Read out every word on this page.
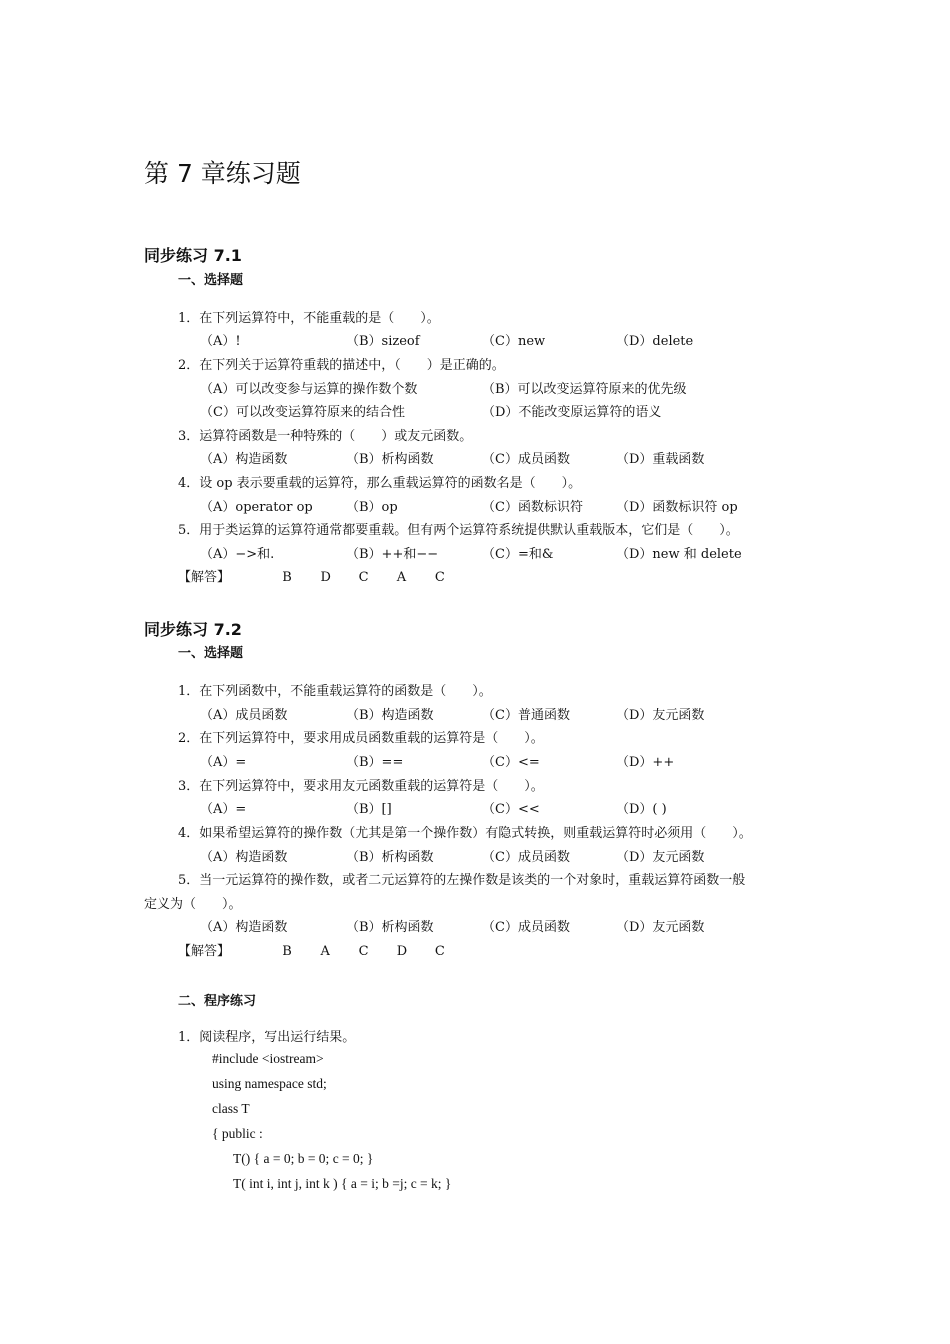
第 7 章练习题
同步练习 7.1
一、选择题
1．在下列运算符中，不能重载的是（　　）。
（A）!	（B）sizeof	（C）new	（D）delete
2．在下列关于运算符重载的描述中，（　　）是正确的。
（A）可以改变参与运算的操作数个数	（B）可以改变运算符原来的优先级
（C）可以改变运算符原来的结合性	（D）不能改变原运算符的语义
3．运算符函数是一种特殊的（　　）或友元函数。
（A）构造函数	（B）析构函数	（C）成员函数	（D）重载函数
4．设 op 表示要重载的运算符，那么重载运算符的函数名是（　　）。
（A）operator op	（B）op	（C）函数标识符	（D）函数标识符 op
5．用于类运算的运算符通常都要重载。但有两个运算符系统提供默认重载版本，它们是（　　）。
（A）−>和.	（B）++和−−	（C）=和&	（D）new 和 delete
【解答】	B D C A C
同步练习 7.2
一、选择题
1．在下列函数中，不能重载运算符的函数是（　　）。
（A）成员函数	（B）构造函数	（C）普通函数	（D）友元函数
2．在下列运算符中，要求用成员函数重载的运算符是（　　）。
（A）=	（B）==	（C）<=	（D）++
3．在下列运算符中，要求用友元函数重载的运算符是（　　）。
（A）=	（B）[]	（C）<<	（D）( )
4．如果希望运算符的操作数（尤其是第一个操作数）有隐式转换，则重载运算符时必须用（　　）。
（A）构造函数	（B）析构函数	（C）成员函数	（D）友元函数
5．当一元运算符的操作数，或者二元运算符的左操作数是该类的一个对象时，重载运算符函数一般
定义为（　　）。
（A）构造函数	（B）析构函数	（C）成员函数	（D）友元函数
【解答】	B A C D C
二、程序练习
1．阅读程序，写出运行结果。
#include <iostream>
using namespace std;
class T
{ public :
T() { a = 0; b = 0; c = 0; }
T( int i, int j, int k ) { a = i; b =j; c = k; }
